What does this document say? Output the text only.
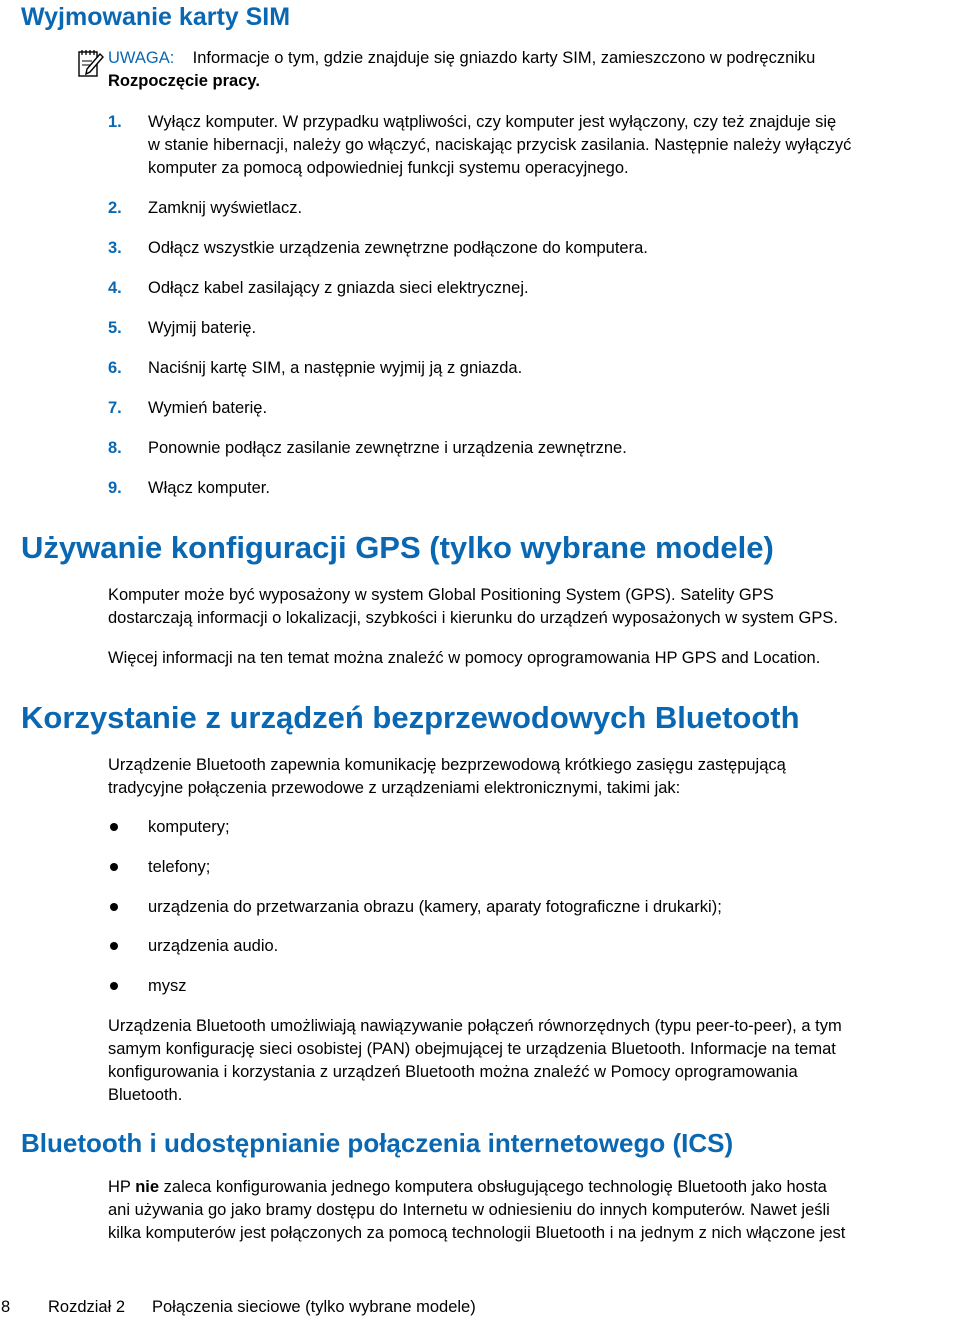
Wyjmowanie karty SIM
UWAGA: Informacje o tym, gdzie znajduje się gniazdo karty SIM, zamieszczono w podręczniku
Rozpoczęcie pracy.
1. Wyłącz komputer. W przypadku wątpliwości, czy komputer jest wyłączony, czy też znajduje się
w stanie hibernacji, należy go włączyć, naciskając przycisk zasilania. Następnie należy wyłączyć
komputer za pomocą odpowiedniej funkcji systemu operacyjnego.
2. Zamknij wyświetlacz.
3. Odłącz wszystkie urządzenia zewnętrzne podłączone do komputera.
4. Odłącz kabel zasilający z gniazda sieci elektrycznej.
5. Wyjmij baterię.
6. Naciśnij kartę SIM, a następnie wyjmij ją z gniazda.
7. Wymień baterię.
8. Ponownie podłącz zasilanie zewnętrzne i urządzenia zewnętrzne.
9. Włącz komputer.
Używanie konfiguracji GPS (tylko wybrane modele)
Komputer może być wyposażony w system Global Positioning System (GPS). Satelity GPS
dostarczają informacji o lokalizacji, szybkości i kierunku do urządzeń wyposażonych w system GPS.
Więcej informacji na ten temat można znaleźć w pomocy oprogramowania HP GPS and Location.
Korzystanie z urządzeń bezprzewodowych Bluetooth
Urządzenie Bluetooth zapewnia komunikację bezprzewodową krótkiego zasięgu zastępującą
tradycyjne połączenia przewodowe z urządzeniami elektronicznymi, takimi jak:
komputery;
telefony;
urządzenia do przetwarzania obrazu (kamery, aparaty fotograficzne i drukarki);
urządzenia audio.
mysz
Urządzenia Bluetooth umożliwiają nawiązywanie połączeń równorzędnych (typu peer-to-peer), a tym
samym konfigurację sieci osobistej (PAN) obejmującej te urządzenia Bluetooth. Informacje na temat
konfigurowania i korzystania z urządzeń Bluetooth można znaleźć w Pomocy oprogramowania
Bluetooth.
Bluetooth i udostępnianie połączenia internetowego (ICS)
HP nie zaleca konfigurowania jednego komputera obsługującego technologię Bluetooth jako hosta
ani używania go jako bramy dostępu do Internetu w odniesieniu do innych komputerów. Nawet jeśli
kilka komputerów jest połączonych za pomocą technologii Bluetooth i na jednym z nich włączone jest
8 Rozdział 2 Połączenia sieciowe (tylko wybrane modele)
